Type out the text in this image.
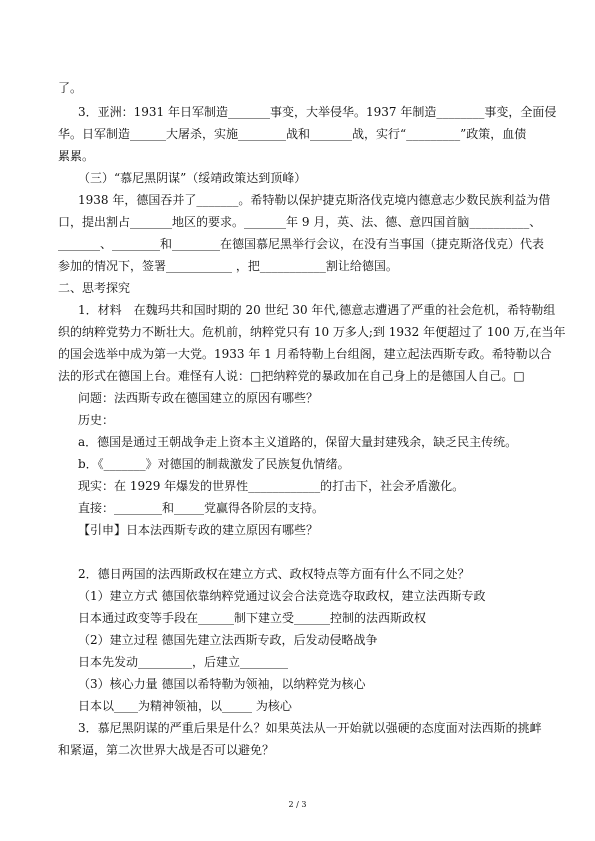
了。
3．亚洲：1931 年日军制造_______事变，大举侵华。1937 年制造________事变，全面侵
华。日军制造______大屠杀，实施________战和_______战，实行“_________”政策，血债
累累。
（三）“慕尼黑阴谋”（绥靖政策达到顶峰）
1938 年，德国吞并了_______。希特勒以保护捷克斯洛伐克境内德意志少数民族利益为借
口，提出割占_______地区的要求。_______年 9 月，英、法、德、意四国首脑__________、
_______、________和________在德国慕尼黑举行会议，在没有当事国（捷克斯洛伐克）代表
参加的情况下，签署___________ ，把___________割让给德国。
二、思考探究
1．材料　在魏玛共和国时期的 20 世纪 30 年代,德意志遭遇了严重的社会危机，希特勒组
织的纳粹党势力不断壮大。危机前，纳粹党只有 10 万多人;到 1932 年便超过了 100 万,在当年
的国会选举中成为第一大党。1933 年 1 月希特勒上台组阁，建立起法西斯专政。希特勒以合
法的形式在德国上台。难怪有人说：□把纳粹党的暴政加在自己身上的是德国人自己。□
问题：法西斯专政在德国建立的原因有哪些？
历史：
a．德国是通过王朝战争走上资本主义道路的，保留大量封建残余，缺乏民主传统。
b．《_______》对德国的制裁激发了民族复仇情绪。
现实：在 1929 年爆发的世界性____________的打击下，社会矛盾激化。
直接：________和_____党赢得各阶层的支持。
【引申】日本法西斯专政的建立原因有哪些？
2．德日两国的法西斯政权在建立方式、政权特点等方面有什么不同之处？
（1）建立方式 德国依靠纳粹党通过议会合法竞选夺取政权，建立法西斯专政
日本通过政变等手段在______制下建立受______控制的法西斯政权
（2）建立过程 德国先建立法西斯专政，后发动侵略战争
日本先发动_________，后建立________
（3）核心力量 德国以希特勒为领袖，以纳粹党为核心
日本以____为精神领袖，以_____ 为核心
3．慕尼黑阴谋的严重后果是什么？如果英法从一开始就以强硬的态度面对法西斯的挑衅
和紧逼，第二次世界大战是否可以避免？
2 / 3
